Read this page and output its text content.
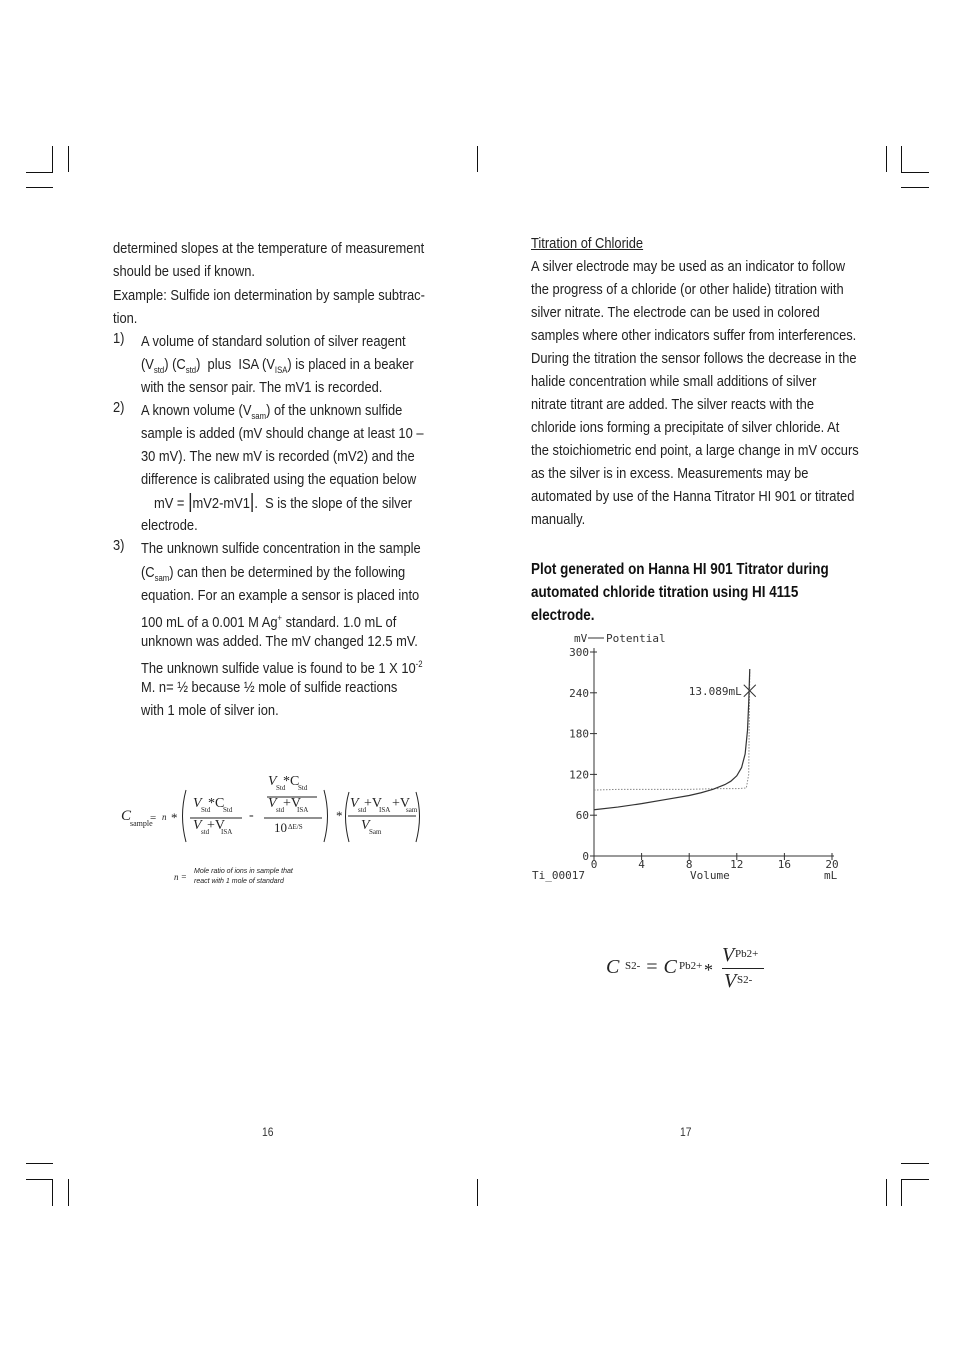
determined slopes at the temperature of measurement
should be used if known.
Example: Sulfide ion determination by sample subtrac-
tion.
1) A volume of standard solution of silver reagent
$(V_{std})$ $(C_{std})$  plus  ISA $(V_{ISA})$ is placed in a beaker
with the sensor pair. The mV1 is recorded.
2) A known volume $(V_{sam})$ of the unknown sulfide
sample is added (mV should change at least 10 –
30 mV). The new mV is recorded (mV2) and the
difference is calibrated using the equation below
mV = |mV2-mV1|.  S is the slope of the silver
electrode.
3) The unknown sulfide concentration in the sample
$(C_{sam})$ can then be determined by the following
equation. For an example a sensor is placed into
100 mL of a 0.001 M Ag+ standard. 1.0 mL of
unknown was added. The mV changed 12.5 mV.
The unknown sulfide value is found to be 1 X $10^{-2}$
M. n= ½ because ½ mole of sulfide reactions
with 1 mole of silver ion.
C
sample
= n *
V Std
*C
Std
V std
+V
ISA
-
V Std
*C
Std
V std
+V
ISA
10 ΔE/S
*
V std
+V
ISA +V
sam
V Sam
n =
Mole ratio of ions in sample that
react with 1 mole of standard
16
Titration of Chloride
A silver electrode may be used as an indicator to follow
the progress of a chloride (or other halide) titration with
silver nitrate. The electrode can be used in colored
samples where other indicators suffer from interferences.
During the titration the sensor follows the decrease in the
halide concentration while small additions of silver
nitrate titrant are added. The silver reacts with the
chloride ions forming a precipitate of silver chloride. At
the stoichiometric end point, a large change in mV occurs
as the silver is in excess. Measurements may be
automated by use of the Hanna Titrator HI 901 or titrated
manually.
Plot generated on Hanna HI 901 Titrator during
automated chloride titration using HI 4115
electrode.
0
60
120
180
240
300
0	4	8	12	16	20
mV Potential
Volume	mL
Ti_00017
13.089mL
C S2- = C Pb2+ *
V Pb2+
V S2-
17
